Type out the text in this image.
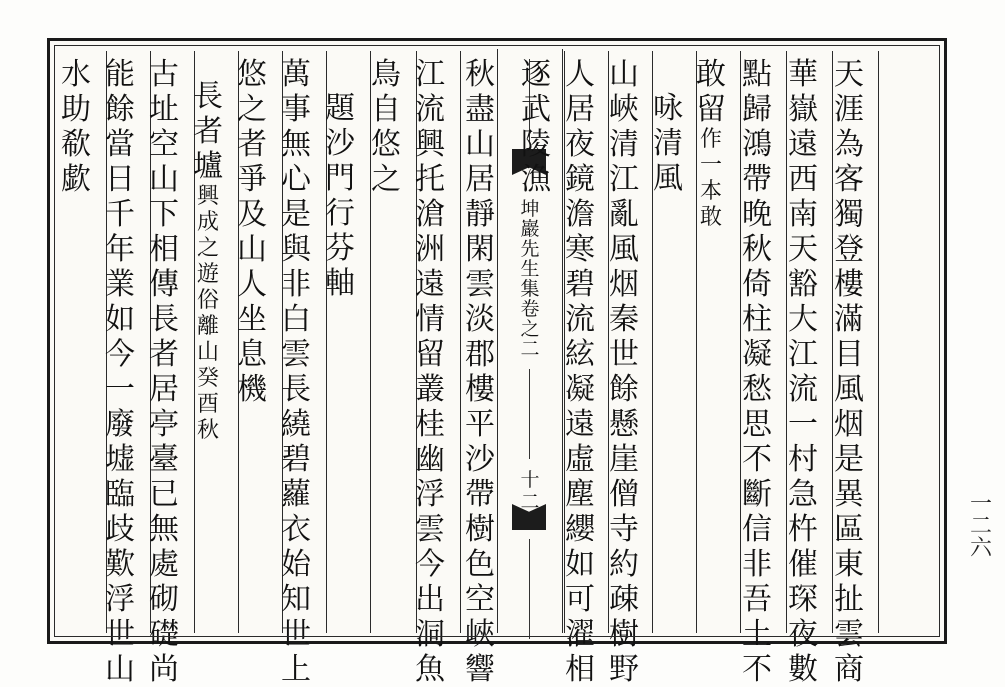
坤
巖
先
生
集
卷
之
二
十
二
天
涯
為
客
獨
登
樓
滿
目
風
烟
是
異
區
東
扯
雲
商
華
嶽
遠
西
南
天
豁
大
江
流
一
村
急
杵
催
琛
夜
數
點
歸
鴻
帶
晚
秋
倚
柱
凝
愁
思
不
斷
信
非
吾
土
不
敢
留
作
一
本
敢
咏
清
風
山
峽
清
江
亂
風
烟
秦
世
餘
懸
崖
僧
寺
約
疎
樹
野
人
居
夜
鏡
澹
寒
碧
流
絃
凝
遠
虛
塵
纓
如
可
濯
相
逐
武
陵
漁
秋
盡
山
居
靜
閑
雲
淡
郡
樓
平
沙
帶
樹
色
空
峽
響
江
流
興
托
滄
洲
遠
情
留
叢
桂
幽
浮
雲
今
出
洞
魚
鳥
自
悠
之
題
沙
門
行
芬
軸
萬
事
無
心
是
與
非
白
雲
長
繞
碧
蘿
衣
始
知
世
上
悠
之
者
爭
及
山
人
坐
息
機
長
者
壚
興
成
之
遊
俗
離
山
癸
酉
秋
古
址
空
山
下
相
傳
長
者
居
亭
臺
已
無
處
砌
礎
尚
能
餘
當
日
千
年
業
如
今
一
廢
墟
臨
歧
歎
浮
世
山
水
助
欷
歔
一
二
六
